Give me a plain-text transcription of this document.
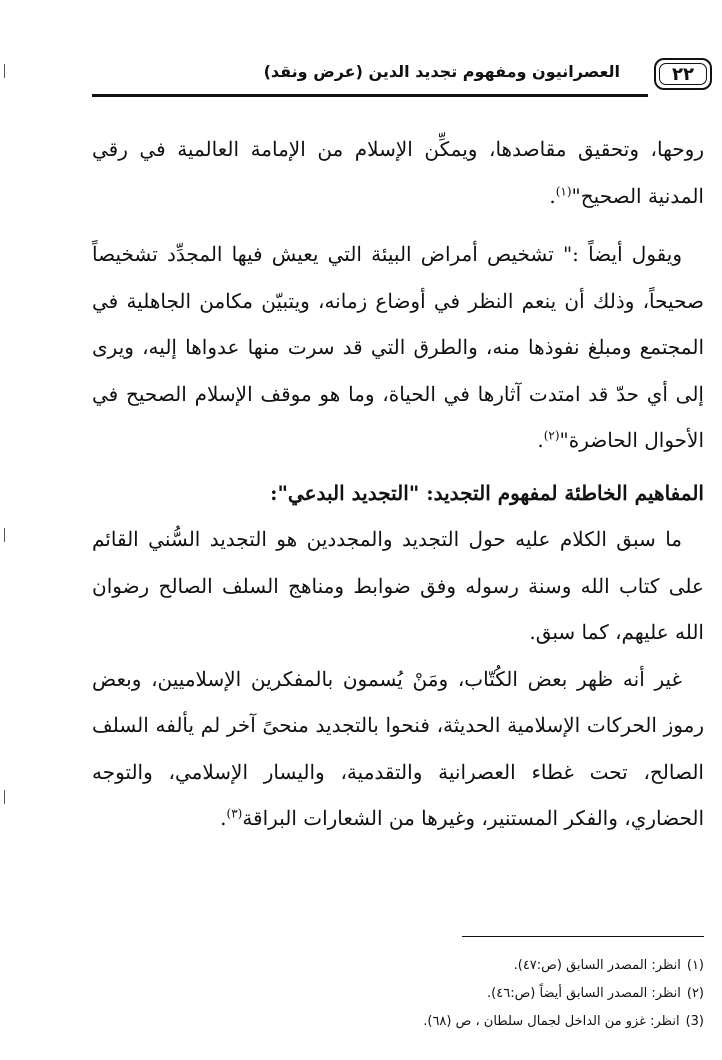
٢٢
العصرانيون ومفهوم تجديد الدين (عرض ونقد)

روحها، وتحقيق مقاصدها، ويمكِّن الإسلام من الإمامة العالمية في رقي المدنية الصحيح"$^{(١)}$.

ويقول أيضاً :" تشخيص أمراض البيئة التي يعيش فيها المجدِّد تشخيصاً صحيحاً، وذلك أن ينعم النظر في أوضاع زمانه، ويتبيّن مكامن الجاهلية في المجتمع ومبلغ نفوذها منه، والطرق التي قد سرت منها عدواها إليه، ويرى إلى أي حدّ قد امتدت آثارها في الحياة، وما هو موقف الإسلام الصحيح في الأحوال الحاضرة"$^{(٢)}$.

المفاهيم الخاطئة لمفهوم التجديد: "التجديد البدعي":

ما سبق الكلام عليه حول التجديد والمجددين هو التجديد السُّني القائم على كتاب الله وسنة رسوله وفق ضوابط ومناهج السلف الصالح رضوان الله عليهم، كما سبق.

غير أنه ظهر بعض الكُتّاب، ومَنْ يُسمون بالمفكرين الإسلاميين، وبعض رموز الحركات الإسلامية الحديثة، فنحوا بالتجديد منحىً آخر لم يألفه السلف الصالح، تحت غطاء العصرانية والتقدمية، واليسار الإسلامي، والتوجه الحضاري، والفكر المستنير، وغيرها من الشعارات البراقة$^{(٣)}$.

(١)انظر: المصدر السابق (ص:٤٧).

(٢)انظر: المصدر السابق أيضاً (ص:٤٦).

(3)انظر: غزو من الداخل لجمال سلطان ، ص (٦٨).
